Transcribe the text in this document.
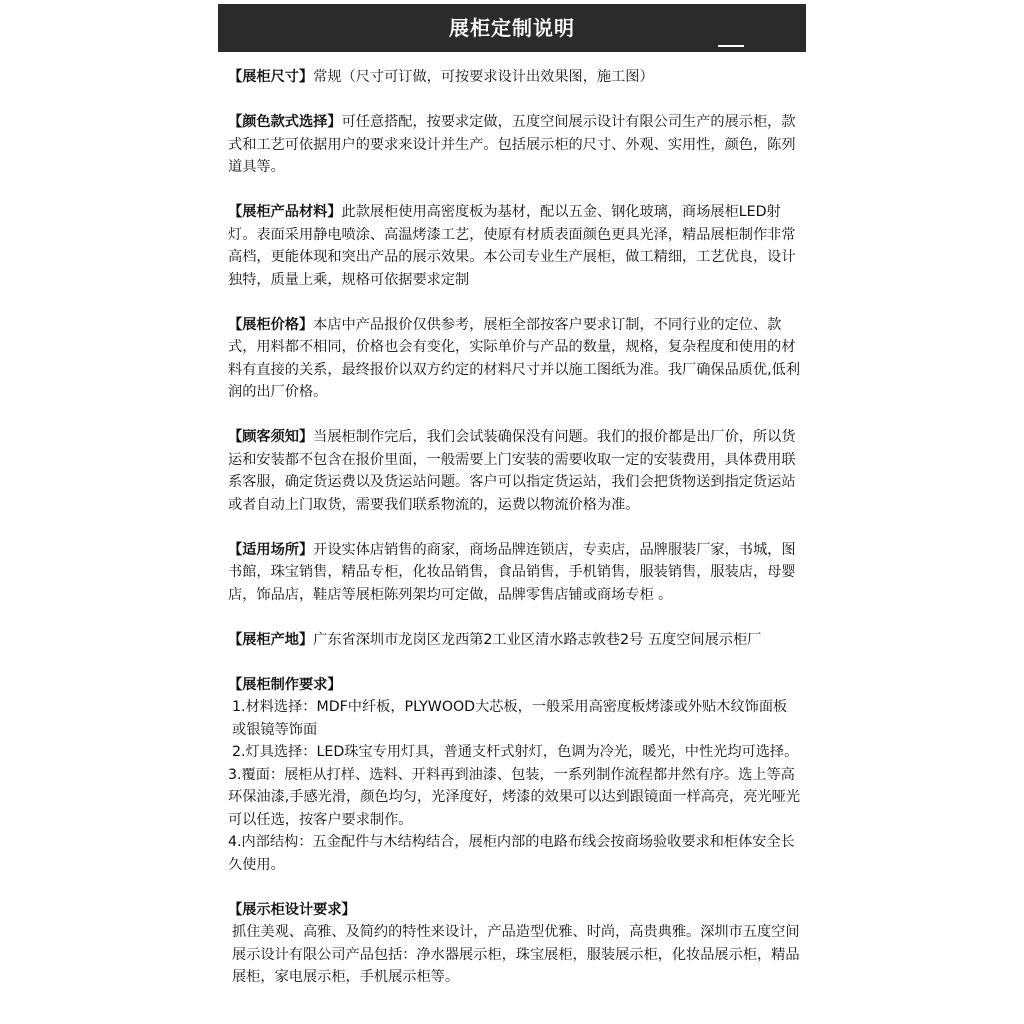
展柜定制说明

【展柜尺寸】常规（尺寸可订做，可按要求设计出效果图，施工图）

【颜色款式选择】可任意搭配，按要求定做，五度空间展示设计有限公司生产的展示柜，款式和工艺可依据用户的要求来设计并生产。包括展示柜的尺寸、外观、实用性，颜色，陈列道具等。

【展柜产品材料】此款展柜使用高密度板为基材，配以五金、钢化玻璃，商场展柜LED射灯。表面采用静电喷涂、高温烤漆工艺，使原有材质表面颜色更具光泽，精品展柜制作非常高档，更能体现和突出产品的展示效果。本公司专业生产展柜，做工精细，工艺优良，设计独特，质量上乘，规格可依据要求定制

【展柜价格】本店中产品报价仅供参考，展柜全部按客户要求订制，不同行业的定位、款式，用料都不相同，价格也会有变化，实际单价与产品的数量，规格，复杂程度和使用的材料有直接的关系，最终报价以双方约定的材料尺寸并以施工图纸为准。我厂确保品质优,低利润的出厂价格。

【顾客须知】当展柜制作完后，我们会试装确保没有问题。我们的报价都是出厂价，所以货运和安装都不包含在报价里面，一般需要上门安装的需要收取一定的安装费用，具体费用联系客服，确定货运费以及货运站问题。客户可以指定货运站，我们会把货物送到指定货运站或者自动上门取货，需要我们联系物流的，运费以物流价格为准。

【适用场所】开设实体店销售的商家，商场品牌连锁店，专卖店，品牌服装厂家，书城，图书館，珠宝销售，精品专柜，化妆品销售，食品销售，手机销售，服装销售，服装店，母婴店，饰品店，鞋店等展柜陈列架均可定做，品牌零售店铺或商场专柜 。

【展柜产地】广东省深圳市龙岗区龙西第2工业区清水路志敦巷2号 五度空间展示柜厂

【展柜制作要求】

1.材料选择：MDF中纤板，PLYWOOD大芯板，一般采用高密度板烤漆或外贴木纹饰面板或银镜等饰面

2.灯具选择：LED珠宝专用灯具，普通支杆式射灯，色调为冷光，暖光，中性光均可选择。

3.覆面：展柜从打样、选料、开料再到油漆、包装，一系列制作流程都井然有序。选上等高环保油漆,手感光滑，颜色均匀，光泽度好，烤漆的效果可以达到跟镜面一样高亮，亮光哑光可以任选，按客户要求制作。

4.内部结构：五金配件与木结构结合，展柜内部的电路布线会按商场验收要求和柜体安全长久使用。

【展示柜设计要求】

抓住美观、高雅、及简约的特性来设计，产品造型优雅、时尚，高贵典雅。深圳市五度空间展示设计有限公司产品包括：净水器展示柜，珠宝展柜，服装展示柜，化妆品展示柜，精品展柜，家电展示柜，手机展示柜等。
